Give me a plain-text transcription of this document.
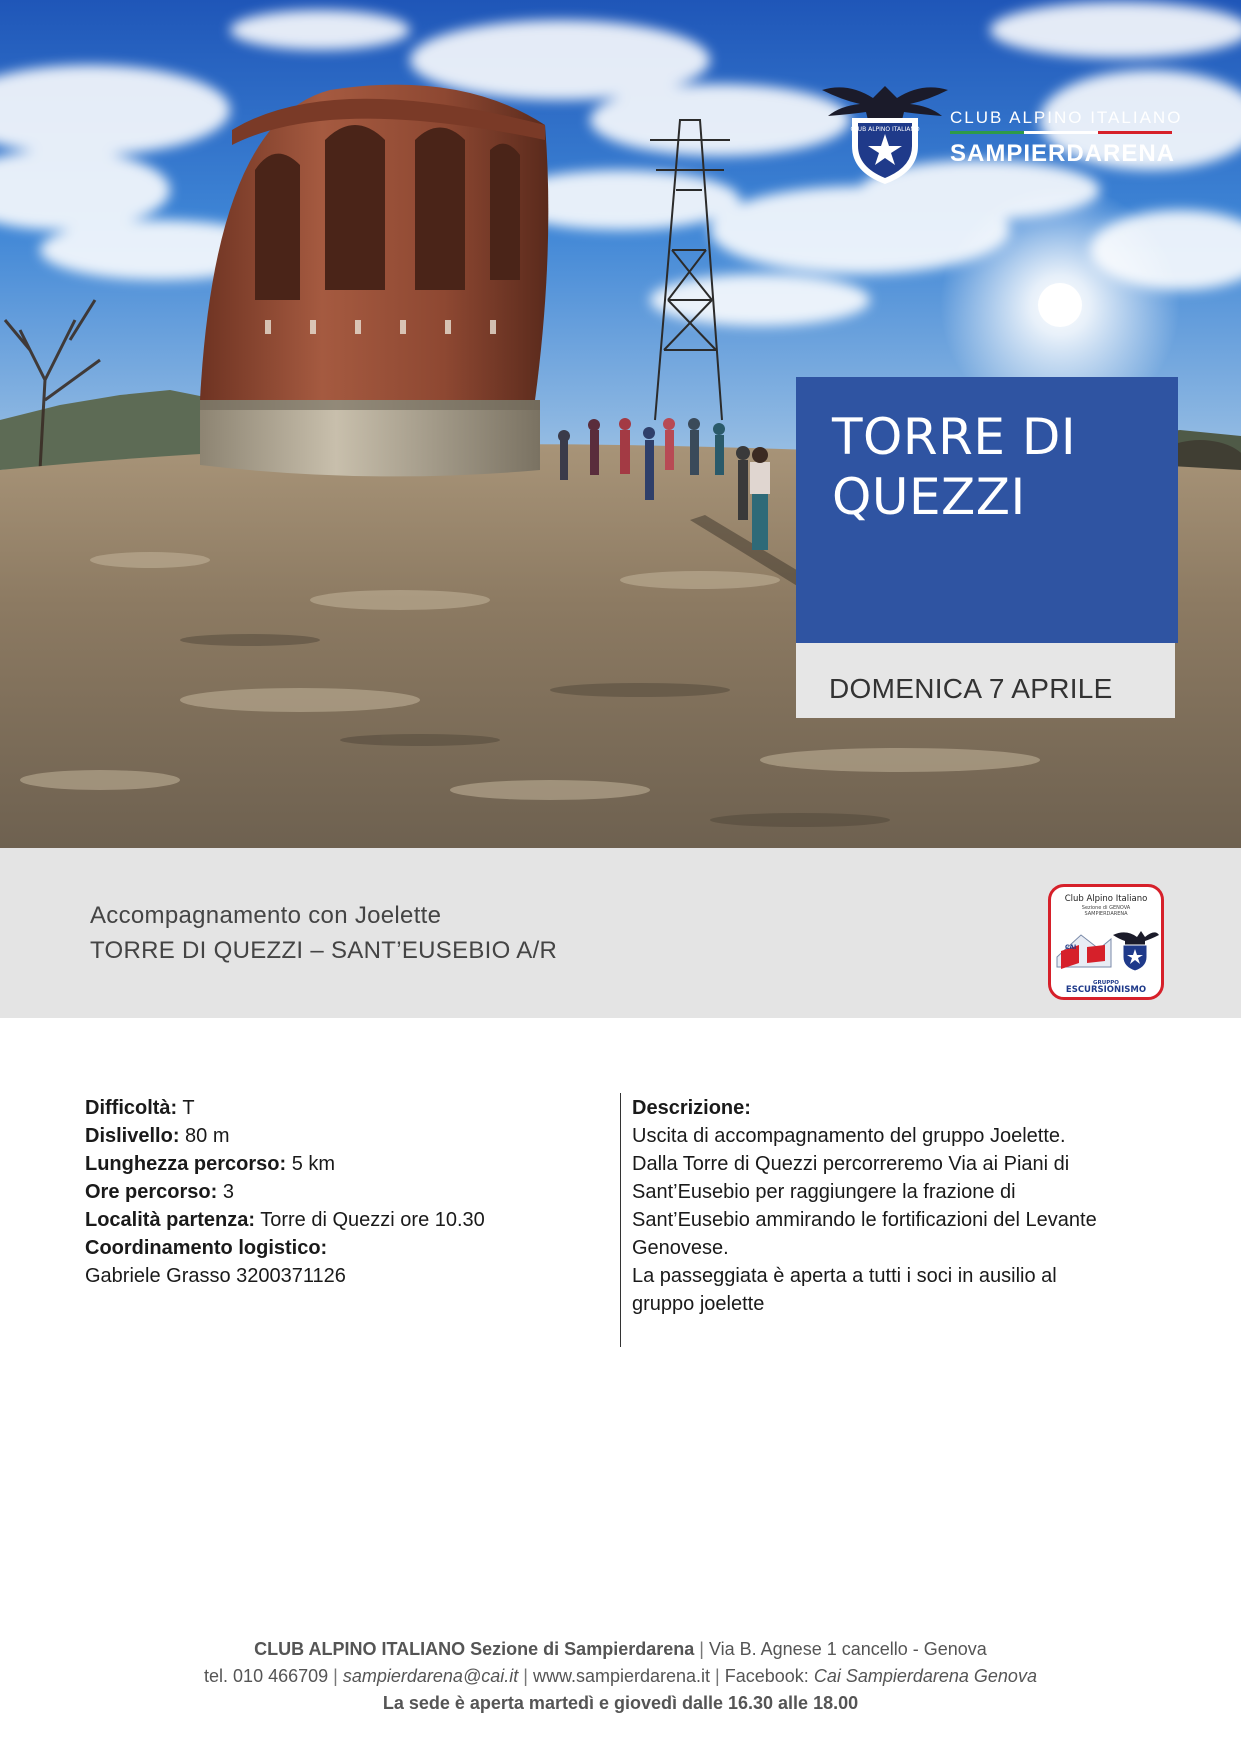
CLUB ALPINO ITALIANO
CLUB ALPINO ITALIANO
SAMPIERDARENA
TORRE DI
QUEZZI
DOMENICA 7 APRILE
Accompagnamento con Joelette
TORRE DI QUEZZI – SANT’EUSEBIO A/R
Club Alpino Italiano
Sezione di GENOVA
SAMPIERDARENA
CAI
GRUPPO
ESCURSIONISMO
Difficoltà: T
Dislivello: 80 m
Lunghezza percorso: 5 km
Ore percorso: 3
Località partenza: Torre di Quezzi ore 10.30
Coordinamento logistico:
Gabriele Grasso 3200371126
Descrizione:
Uscita di accompagnamento del gruppo Joelette.
Dalla Torre di Quezzi percorreremo Via ai Piani di
Sant’Eusebio per raggiungere la frazione di
Sant’Eusebio ammirando le fortificazioni del Levante
Genovese.
La passeggiata è aperta a tutti i soci in ausilio al
gruppo joelette
CLUB ALPINO ITALIANO Sezione di Sampierdarena | Via B. Agnese 1 cancello - Genova
tel. 010 466709 | sampierdarena@cai.it | www.sampierdarena.it | Facebook: Cai Sampierdarena Genova
La sede è aperta martedì e giovedì dalle 16.30 alle 18.00
